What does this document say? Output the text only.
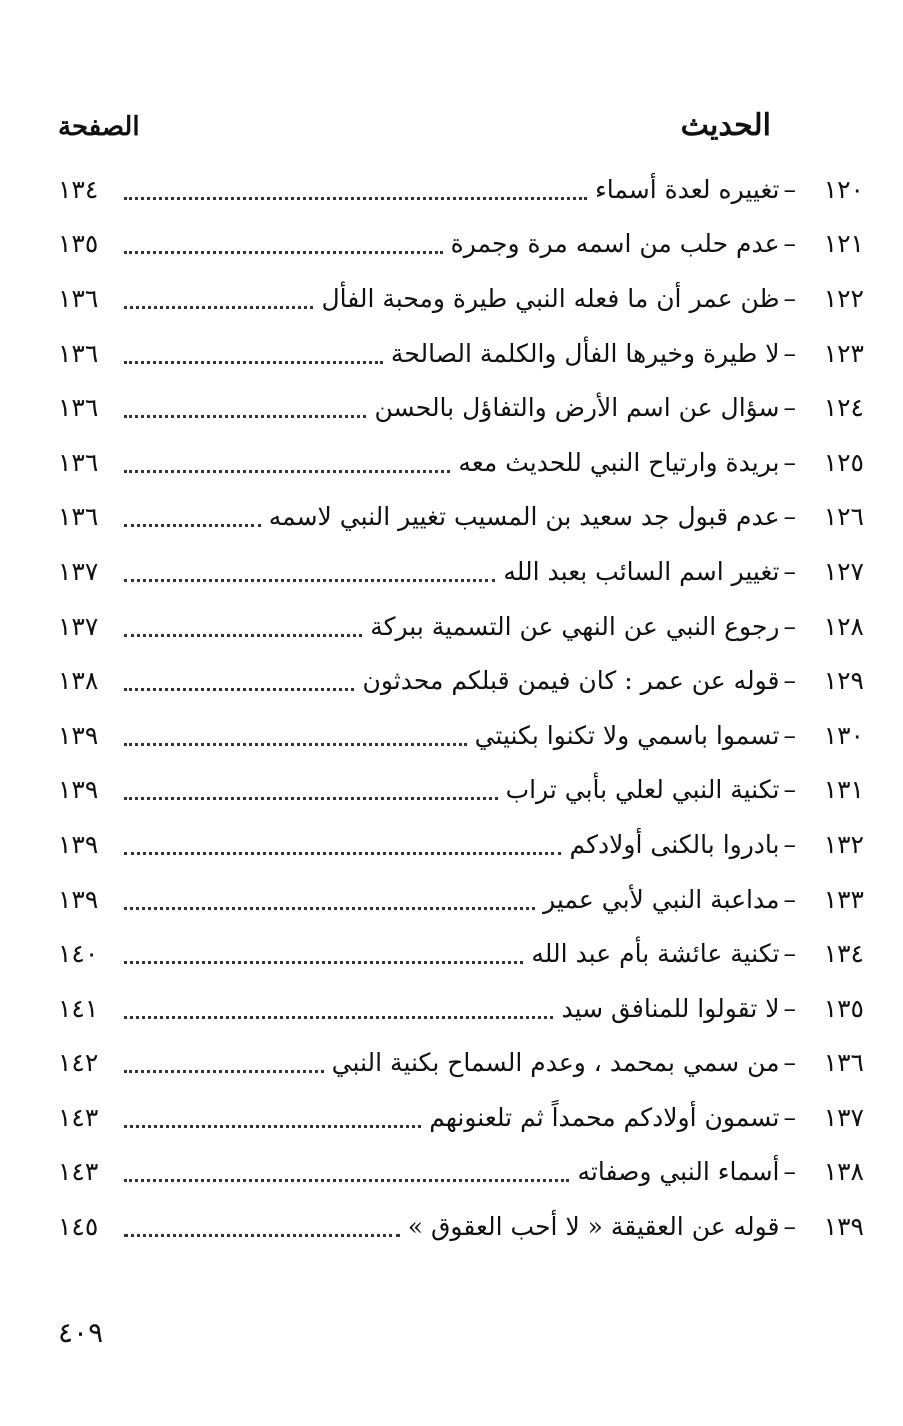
الحديث
الصفحة
١٢٠
–
تغييره لعدة أسماء
١٣٤
١٢١
–
عدم حلب من اسمه مرة وجمرة
١٣٥
١٢٢
–
ظن عمر أن ما فعله النبي طيرة ومحبة الفأل
١٣٦
١٢٣
–
لا طيرة وخيرها الفأل والكلمة الصالحة
١٣٦
١٢٤
–
سؤال عن اسم الأرض والتفاؤل بالحسن
١٣٦
١٢٥
–
بريدة وارتياح النبي للحديث معه
١٣٦
١٢٦
–
عدم قبول جد سعيد بن المسيب تغيير النبي لاسمه
١٣٦
١٢٧
–
تغيير اسم السائب بعبد الله
١٣٧
١٢٨
–
رجوع النبي عن النهي عن التسمية ببركة
١٣٧
١٢٩
–
قوله عن عمر : كان فيمن قبلكم محدثون
١٣٨
١٣٠
–
تسموا باسمي ولا تكنوا بكنيتي
١٣٩
١٣١
–
تكنية النبي لعلي بأبي تراب
١٣٩
١٣٢
–
بادروا بالكنى أولادكم
١٣٩
١٣٣
–
مداعبة النبي لأبي عمير
١٣٩
١٣٤
–
تكنية عائشة بأم عبد الله
١٤٠
١٣٥
–
لا تقولوا للمنافق سيد
١٤١
١٣٦
–
من سمي بمحمد ، وعدم السماح بكنية النبي
١٤٢
١٣٧
–
تسمون أولادكم محمداً ثم تلعنونهم
١٤٣
١٣٨
–
أسماء النبي وصفاته
١٤٣
١٣٩
–
قوله عن العقيقة « لا أحب العقوق »
١٤٥
٤٠٩
